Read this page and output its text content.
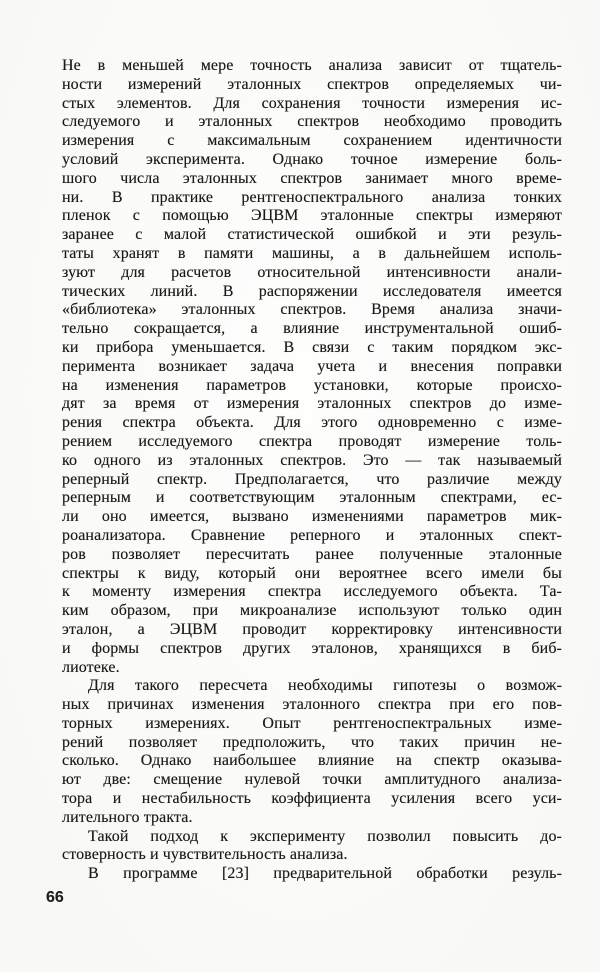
Не в меньшей мере точность анализа зависит от тщатель-
ности измерений эталонных спектров определяемых чи-
стых элементов. Для сохранения точности измерения ис-
следуемого и эталонных спектров необходимо проводить
измерения с максимальным сохранением идентичности
условий эксперимента. Однако точное измерение боль-
шого числа эталонных спектров занимает много време-
ни. В практике рентгеноспектрального анализа тонких
пленок с помощью ЭЦВМ эталонные спектры измеряют
заранее с малой статистической ошибкой и эти резуль-
таты хранят в памяти машины, а в дальнейшем исполь-
зуют для расчетов относительной интенсивности анали-
тических линий. В распоряжении исследователя имеется
«библиотека» эталонных спектров. Время анализа значи-
тельно сокращается, а влияние инструментальной ошиб-
ки прибора уменьшается. В связи с таким порядком экс-
перимента возникает задача учета и внесения поправки
на изменения параметров установки, которые происхо-
дят за время от измерения эталонных спектров до изме-
рения спектра объекта. Для этого одновременно с изме-
рением исследуемого спектра проводят измерение толь-
ко одного из эталонных спектров. Это — так называемый
реперный спектр. Предполагается, что различие между
реперным и соответствующим эталонным спектрами, ес-
ли оно имеется, вызвано изменениями параметров мик-
роанализатора. Сравнение реперного и эталонных спект-
ров позволяет пересчитать ранее полученные эталонные
спектры к виду, который они вероятнее всего имели бы
к моменту измерения спектра исследуемого объекта. Та-
ким образом, при микроанализе используют только один
эталон, а ЭЦВМ проводит корректировку интенсивности
и формы спектров других эталонов, хранящихся в биб-
лиотеке.
Для такого пересчета необходимы гипотезы о возмож-
ных причинах изменения эталонного спектра при его пов-
торных измерениях. Опыт рентгеноспектральных изме-
рений позволяет предположить, что таких причин не-
сколько. Однако наибольшее влияние на спектр оказыва-
ют две: смещение нулевой точки амплитудного анализа-
тора и нестабильность коэффициента усиления всего уси-
лительного тракта.
Такой подход к эксперименту позволил повысить до-
стоверность и чувствительность анализа.
В программе [23] предварительной обработки резуль-
66
